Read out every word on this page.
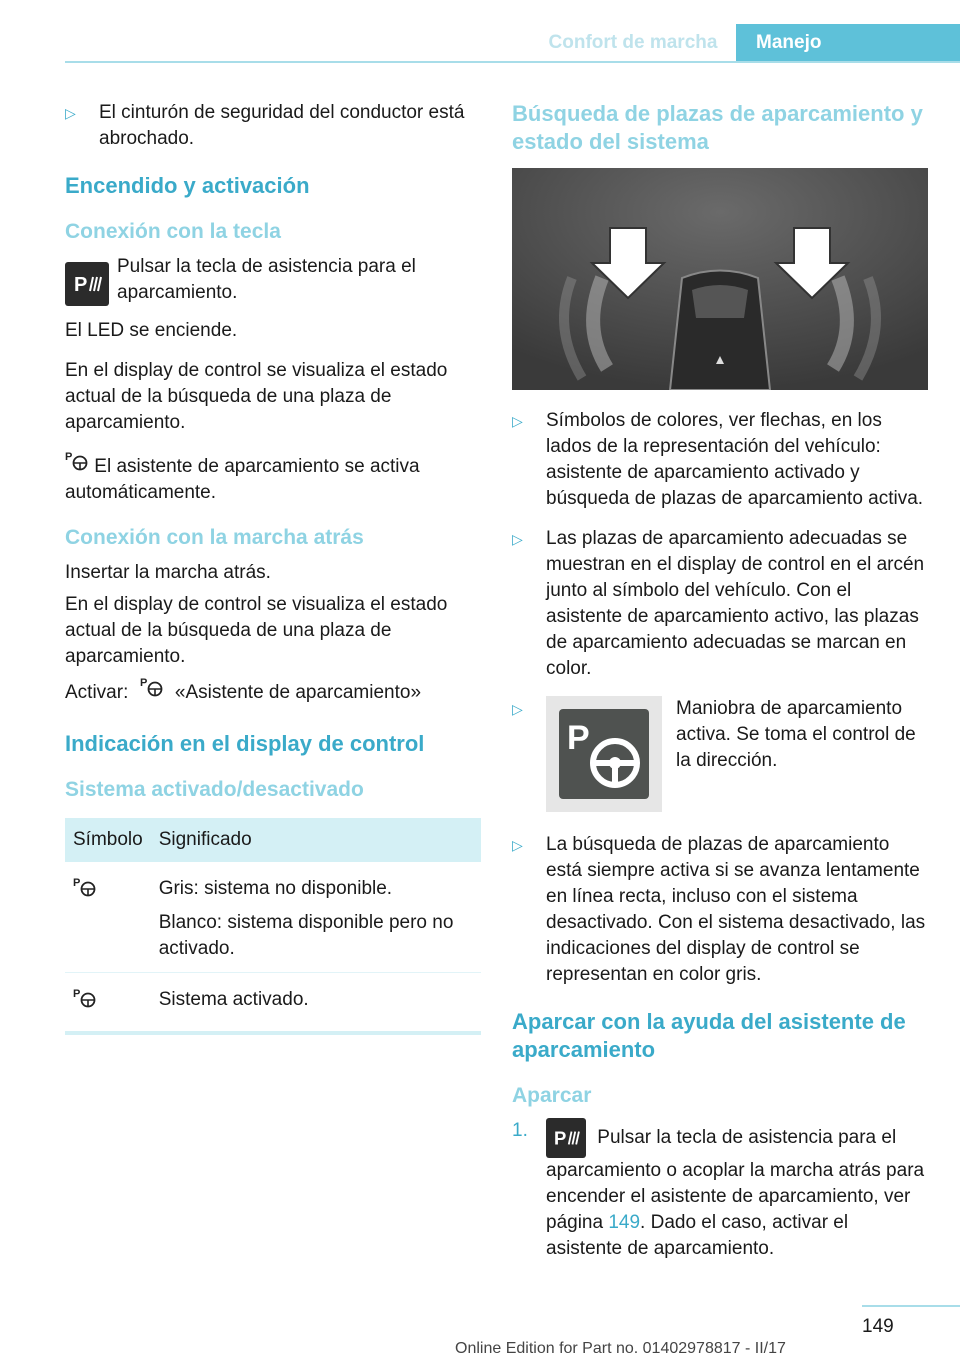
Confort de marcha	Manejo
▷ El cinturón de seguridad del conductor está abrochado.
Encendido y activación
Conexión con la tecla
P

Pulsar la tecla de asistencia para el aparcamiento.

El LED se enciende.

En el display de control se visualiza el estado actual de la búsqueda de una plaza de aparcamiento.

P El asistente de aparcamiento se activa automáticamente.

Conexión con la marcha atrás

Insertar la marcha atrás.

En el display de control se visualiza el estado actual de la búsqueda de una plaza de aparcamiento.

Activar: P «Asistente de aparcamiento»

Indicación en el display de control
Sistema activado/desactivado
Símbolo	Significado

P	Gris: sistema no disponible.
Blanco: sistema disponible pero no activado.

P	Sistema activado.
Búsqueda de plazas de aparcamiento y estado del sistema
▷ Símbolos de colores, ver flechas, en los lados de la representación del vehículo: asistente de aparcamiento activado y búsqueda de plazas de aparcamiento activa.
▷ Las plazas de aparcamiento adecuadas se muestran en el display de control en el arcén junto al símbolo del vehículo. Con el asistente de aparcamiento activo, las plazas de aparcamiento adecuadas se marcan en color.
▷
P
Maniobra de aparcamiento activa. Se toma el control de la dirección.
▷ La búsqueda de plazas de aparcamiento está siempre activa si se avanza lentamente en línea recta, incluso con el sistema desactivado. Con el sistema desactivado, las indicaciones del display de control se representan en color gris.
Aparcar con la ayuda del asistente de aparcamiento
Aparcar
1. P Pulsar la tecla de asistencia para el aparcamiento o acoplar la marcha atrás para encender el asistente de aparcamiento, ver página 149. Dado el caso, activar el asistente de aparcamiento.
149
Online Edition for Part no. 01402978817 - II/17
